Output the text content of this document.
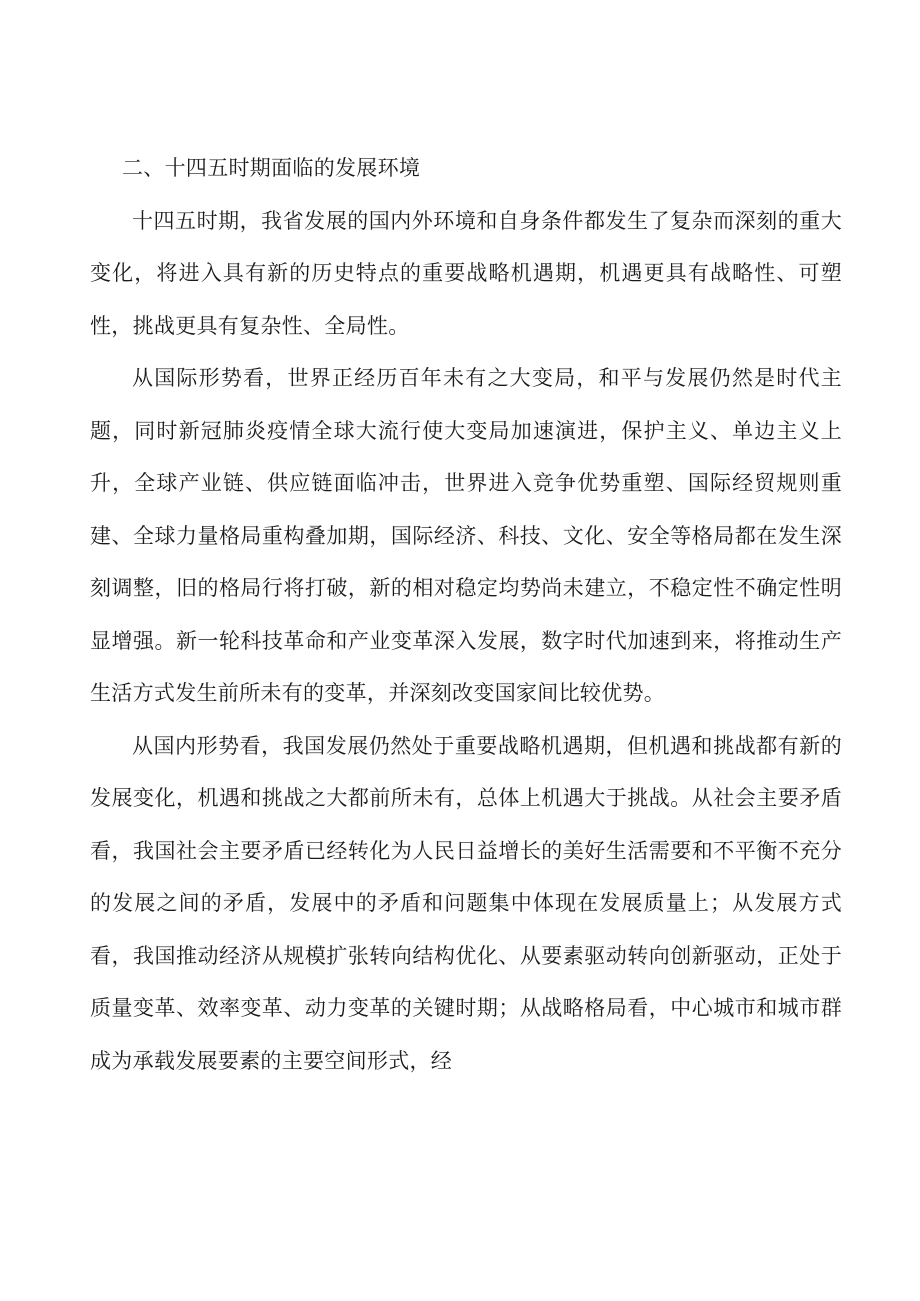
二、十四五时期面临的发展环境

十四五时期，我省发展的国内外环境和自身条件都发生了复杂而深刻的重大变化，将进入具有新的历史特点的重要战略机遇期，机遇更具有战略性、可塑性，挑战更具有复杂性、全局性。

从国际形势看，世界正经历百年未有之大变局，和平与发展仍然是时代主题，同时新冠肺炎疫情全球大流行使大变局加速演进，保护主义、单边主义上升，全球产业链、供应链面临冲击，世界进入竞争优势重塑、国际经贸规则重建、全球力量格局重构叠加期，国际经济、科技、文化、安全等格局都在发生深刻调整，旧的格局行将打破，新的相对稳定均势尚未建立，不稳定性不确定性明显增强。新一轮科技革命和产业变革深入发展，数字时代加速到来，将推动生产生活方式发生前所未有的变革，并深刻改变国家间比较优势。

从国内形势看，我国发展仍然处于重要战略机遇期，但机遇和挑战都有新的发展变化，机遇和挑战之大都前所未有，总体上机遇大于挑战。从社会主要矛盾看，我国社会主要矛盾已经转化为人民日益增长的美好生活需要和不平衡不充分的发展之间的矛盾，发展中的矛盾和问题集中体现在发展质量上；从发展方式看，我国推动经济从规模扩张转向结构优化、从要素驱动转向创新驱动，正处于质量变革、效率变革、动力变革的关键时期；从战略格局看，中心城市和城市群成为承载发展要素的主要空间形式，经
